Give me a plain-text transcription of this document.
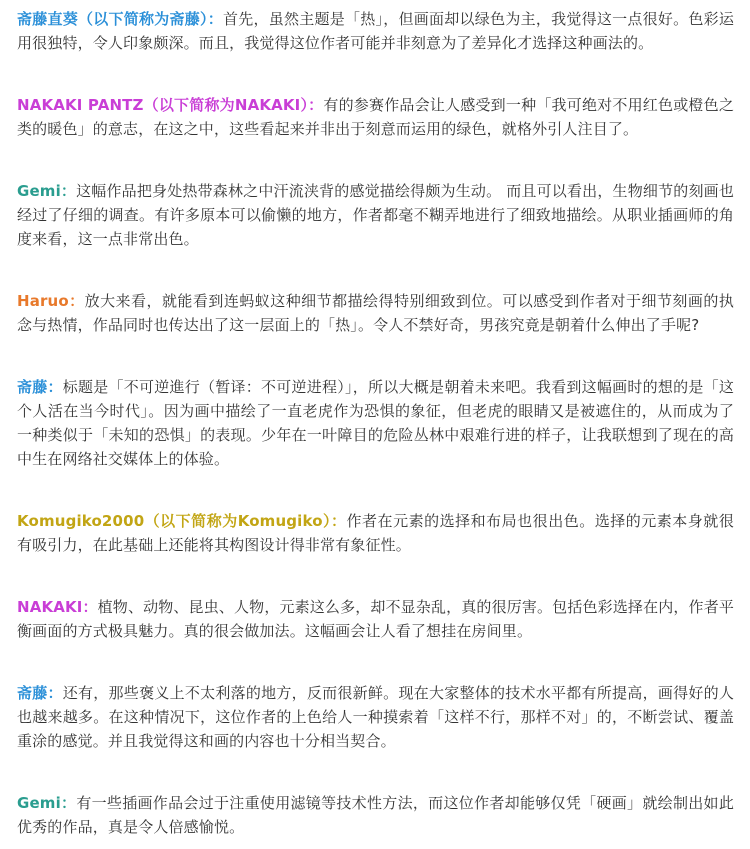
斋藤直葵（以下简称为斋藤）：首先，虽然主题是「热」，但画面却以绿色为主，我觉得这一点很好。色彩运用很独特，令人印象颇深。而且，我觉得这位作者可能并非刻意为了差异化才选择这种画法的。

NAKAKI PANTZ（以下简称为NAKAKI）：有的参赛作品会让人感受到一种「我可绝对不用红色或橙色之类的暖色」的意志，在这之中，这些看起来并非出于刻意而运用的绿色，就格外引人注目了。

Gemi：这幅作品把身处热带森林之中汗流浃背的感觉描绘得颇为生动。 而且可以看出，生物细节的刻画也经过了仔细的调查。有许多原本可以偷懒的地方，作者都毫不糊弄地进行了细致地描绘。从职业插画师的角度来看，这一点非常出色。

Haruo：放大来看，就能看到连蚂蚁这种细节都描绘得特别细致到位。可以感受到作者对于细节刻画的执念与热情，作品同时也传达出了这一层面上的「热」。令人不禁好奇，男孩究竟是朝着什么伸出了手呢?

斋藤：标题是「不可逆進行（暂译：不可逆进程）」，所以大概是朝着未来吧。我看到这幅画时的想的是「这个人活在当今时代」。因为画中描绘了一直老虎作为恐惧的象征，但老虎的眼睛又是被遮住的，从而成为了一种类似于「未知的恐惧」的表现。少年在一叶障目的危险丛林中艰难行进的样子，让我联想到了现在的高中生在网络社交媒体上的体验。

Komugiko2000（以下简称为Komugiko）：作者在元素的选择和布局也很出色。选择的元素本身就很有吸引力，在此基础上还能将其构图设计得非常有象征性。

NAKAKI：植物、动物、昆虫、人物，元素这么多，却不显杂乱，真的很厉害。包括色彩选择在内，作者平衡画面的方式极具魅力。真的很会做加法。这幅画会让人看了想挂在房间里。

斋藤：还有，那些褒义上不太利落的地方，反而很新鲜。现在大家整体的技术水平都有所提高，画得好的人也越来越多。在这种情况下，这位作者的上色给人一种摸索着「这样不行，那样不对」的，不断尝试、覆盖重涂的感觉。并且我觉得这和画的内容也十分相当契合。

Gemi：有一些插画作品会过于注重使用滤镜等技术性方法，而这位作者却能够仅凭「硬画」就绘制出如此优秀的作品，真是令人倍感愉悦。
